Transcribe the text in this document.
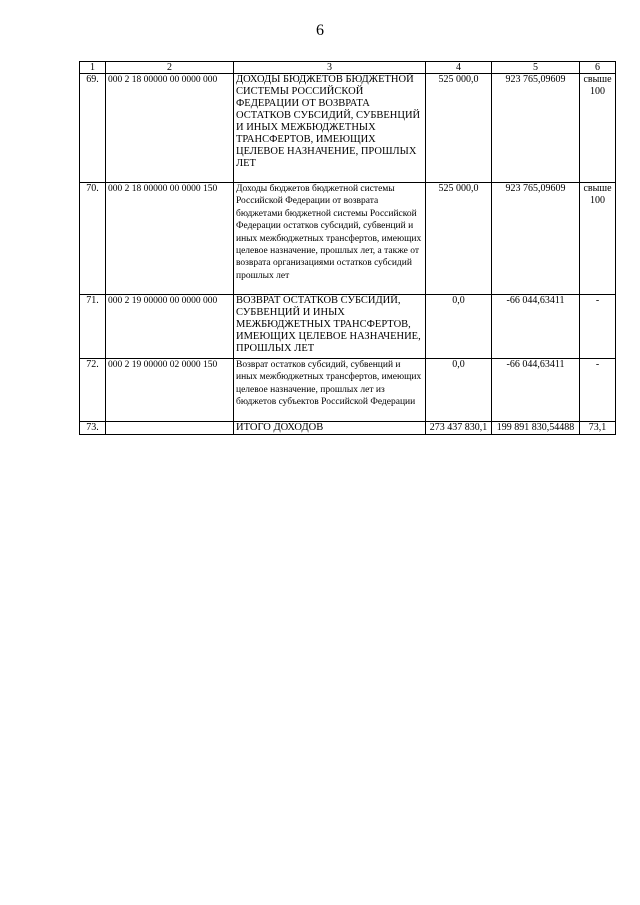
6
1	2	3	4	5	6
69.	000 2 18 00000 00 0000 000	ДОХОДЫ БЮДЖЕТОВ БЮДЖЕТНОЙ СИСТЕМЫ РОССИЙСКОЙ ФЕДЕРАЦИИ ОТ ВОЗВРАТА ОСТАТКОВ СУБСИДИЙ, СУБВЕНЦИЙ И ИНЫХ МЕЖБЮДЖЕТНЫХ ТРАНСФЕРТОВ, ИМЕЮЩИХ ЦЕЛЕВОЕ НАЗНАЧЕНИЕ, ПРОШЛЫХ ЛЕТ	525 000,0	923 765,09609	свыше 100
70.	000 2 18 00000 00 0000 150	Доходы бюджетов бюджетной системы Российской Федерации от возврата бюджетами бюджетной системы Российской Федерации остатков субсидий, субвенций и иных межбюджетных трансфертов, имеющих целевое назначение, прошлых лет, а также от возврата организациями остатков субсидий прошлых лет	525 000,0	923 765,09609	свыше 100
71.	000 2 19 00000 00 0000 000	ВОЗВРАТ ОСТАТКОВ СУБСИДИЙ, СУБВЕНЦИЙ И ИНЫХ МЕЖБЮДЖЕТНЫХ ТРАНСФЕРТОВ, ИМЕЮЩИХ ЦЕЛЕВОЕ НАЗНАЧЕНИЕ, ПРОШЛЫХ ЛЕТ	0,0	-66 044,63411	-
72.	000 2 19 00000 02 0000 150	Возврат остатков субсидий, субвенций и иных межбюджетных трансфертов, имеющих целевое назначение, прошлых лет из бюджетов субъектов Российской Федерации	0,0	-66 044,63411	-
73.		ИТОГО ДОХОДОВ	273 437 830,1	199 891 830,54488	73,1
